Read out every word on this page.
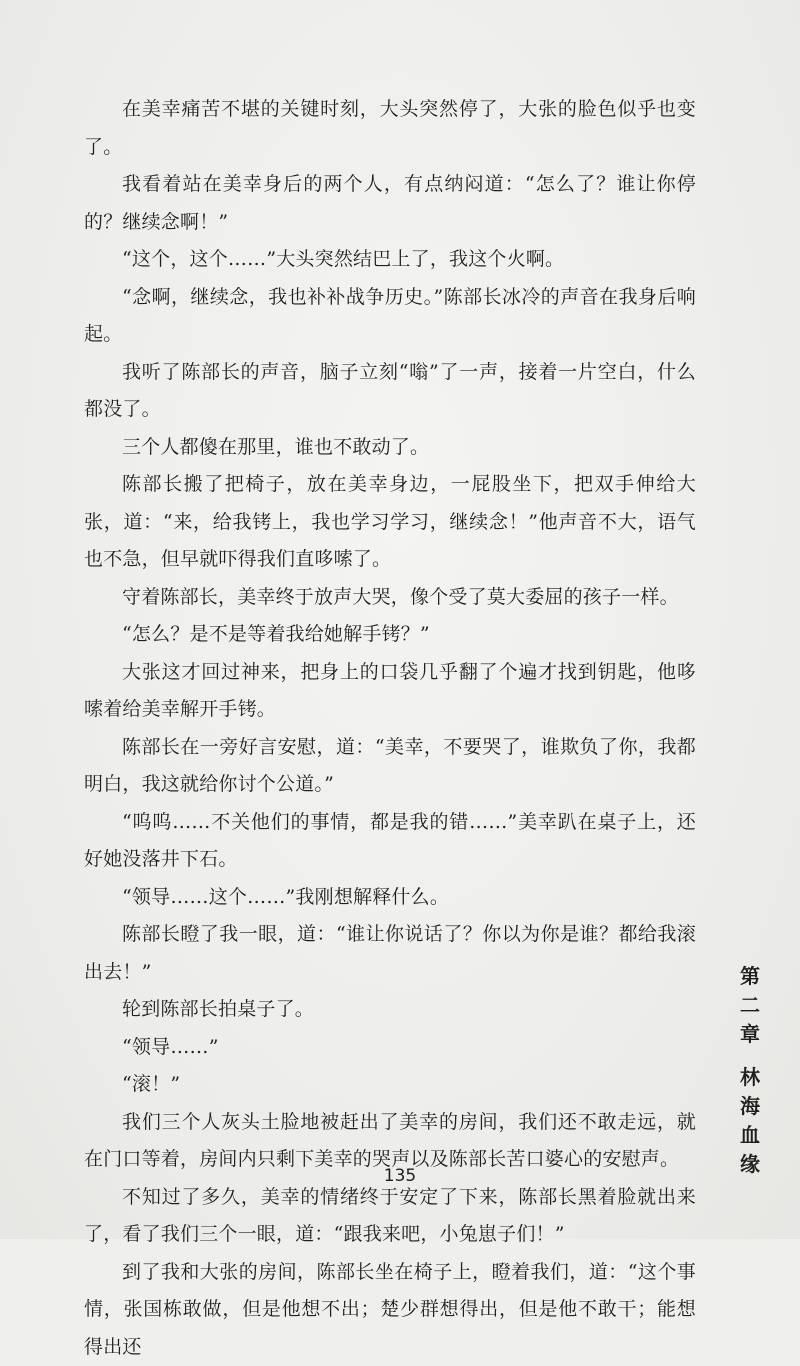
在美幸痛苦不堪的关键时刻，大头突然停了，大张的脸色似乎也变了。

我看着站在美幸身后的两个人，有点纳闷道：“怎么了？谁让你停的？继续念啊！”

“这个，这个……”大头突然结巴上了，我这个火啊。

“念啊，继续念，我也补补战争历史。”陈部长冰冷的声音在我身后响起。

我听了陈部长的声音，脑子立刻“嗡”了一声，接着一片空白，什么都没了。

三个人都傻在那里，谁也不敢动了。

陈部长搬了把椅子，放在美幸身边，一屁股坐下，把双手伸给大张，道：“来，给我铐上，我也学习学习，继续念！”他声音不大，语气也不急，但早就吓得我们直哆嗦了。

守着陈部长，美幸终于放声大哭，像个受了莫大委屈的孩子一样。

“怎么？是不是等着我给她解手铐？”

大张这才回过神来，把身上的口袋几乎翻了个遍才找到钥匙，他哆嗦着给美幸解开手铐。

陈部长在一旁好言安慰，道：“美幸，不要哭了，谁欺负了你，我都明白，我这就给你讨个公道。”

“呜呜……不关他们的事情，都是我的错……”美幸趴在桌子上，还好她没落井下石。

“领导……这个……”我刚想解释什么。

陈部长瞪了我一眼，道：“谁让你说话了？你以为你是谁？都给我滚出去！”

轮到陈部长拍桌子了。

“领导……”

“滚！”

我们三个人灰头土脸地被赶出了美幸的房间，我们还不敢走远，就在门口等着，房间内只剩下美幸的哭声以及陈部长苦口婆心的安慰声。

不知过了多久，美幸的情绪终于安定了下来，陈部长黑着脸就出来了，看了我们三个一眼，道：“跟我来吧，小兔崽子们！”

到了我和大张的房间，陈部长坐在椅子上，瞪着我们，道：“这个事情，张国栋敢做，但是他想不出；楚少群想得出，但是他不敢干；能想得出还

第
二
章
林
海
血
缘
135
